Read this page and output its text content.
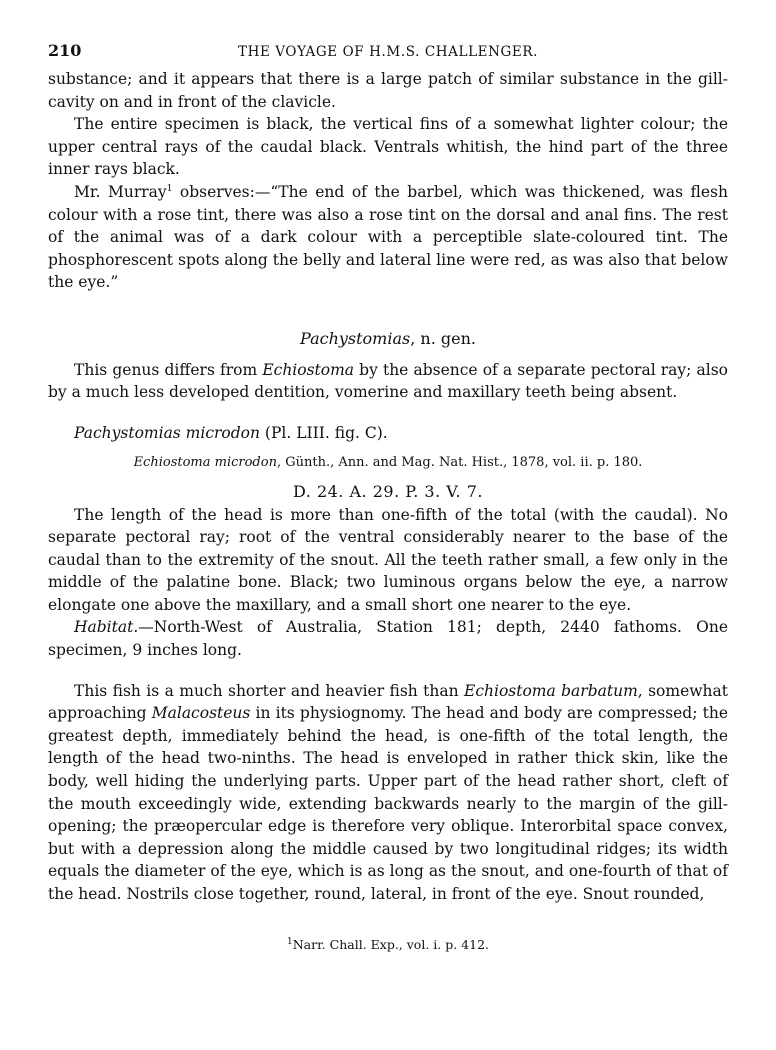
210	THE VOYAGE OF H.M.S. CHALLENGER.

substance; and it appears that there is a large patch of similar substance in the gill-cavity on and in front of the clavicle.

The entire specimen is black, the vertical fins of a somewhat lighter colour; the upper central rays of the caudal black. Ventrals whitish, the hind part of the three inner rays black.

Mr. Murray$^1$ observes:—“The end of the barbel, which was thickened, was flesh colour with a rose tint, there was also a rose tint on the dorsal and anal fins. The rest of the animal was of a dark colour with a perceptible slate-coloured tint. The phosphorescent spots along the belly and lateral line were red, as was also that below the eye.”

Pachystomias, n. gen.

This genus differs from Echiostoma by the absence of a separate pectoral ray; also by a much less developed dentition, vomerine and maxillary teeth being absent.

Pachystomias microdon (Pl. LIII. fig. C).
Echiostoma microdon, Günth., Ann. and Mag. Nat. Hist., 1878, vol. ii. p. 180.
D. 24. A. 29. P. 3. V. 7.

The length of the head is more than one-fifth of the total (with the caudal). No separate pectoral ray; root of the ventral considerably nearer to the base of the caudal than to the extremity of the snout. All the teeth rather small, a few only in the middle of the palatine bone. Black; two luminous organs below the eye, a narrow elongate one above the maxillary, and a small short one nearer to the eye.

Habitat.—North-West of Australia, Station 181; depth, 2440 fathoms. One specimen, 9 inches long.

This fish is a much shorter and heavier fish than Echiostoma barbatum, somewhat approaching Malacosteus in its physiognomy. The head and body are compressed; the greatest depth, immediately behind the head, is one-fifth of the total length, the length of the head two-ninths. The head is enveloped in rather thick skin, like the body, well hiding the underlying parts. Upper part of the head rather short, cleft of the mouth exceedingly wide, extending backwards nearly to the margin of the gill-opening; the præopercular edge is therefore very oblique. Interorbital space convex, but with a depression along the middle caused by two longitudinal ridges; its width equals the diameter of the eye, which is as long as the snout, and one-fourth of that of the head. Nostrils close together, round, lateral, in front of the eye. Snout rounded,

$^1$Narr. Chall. Exp., vol. i. p. 412.
